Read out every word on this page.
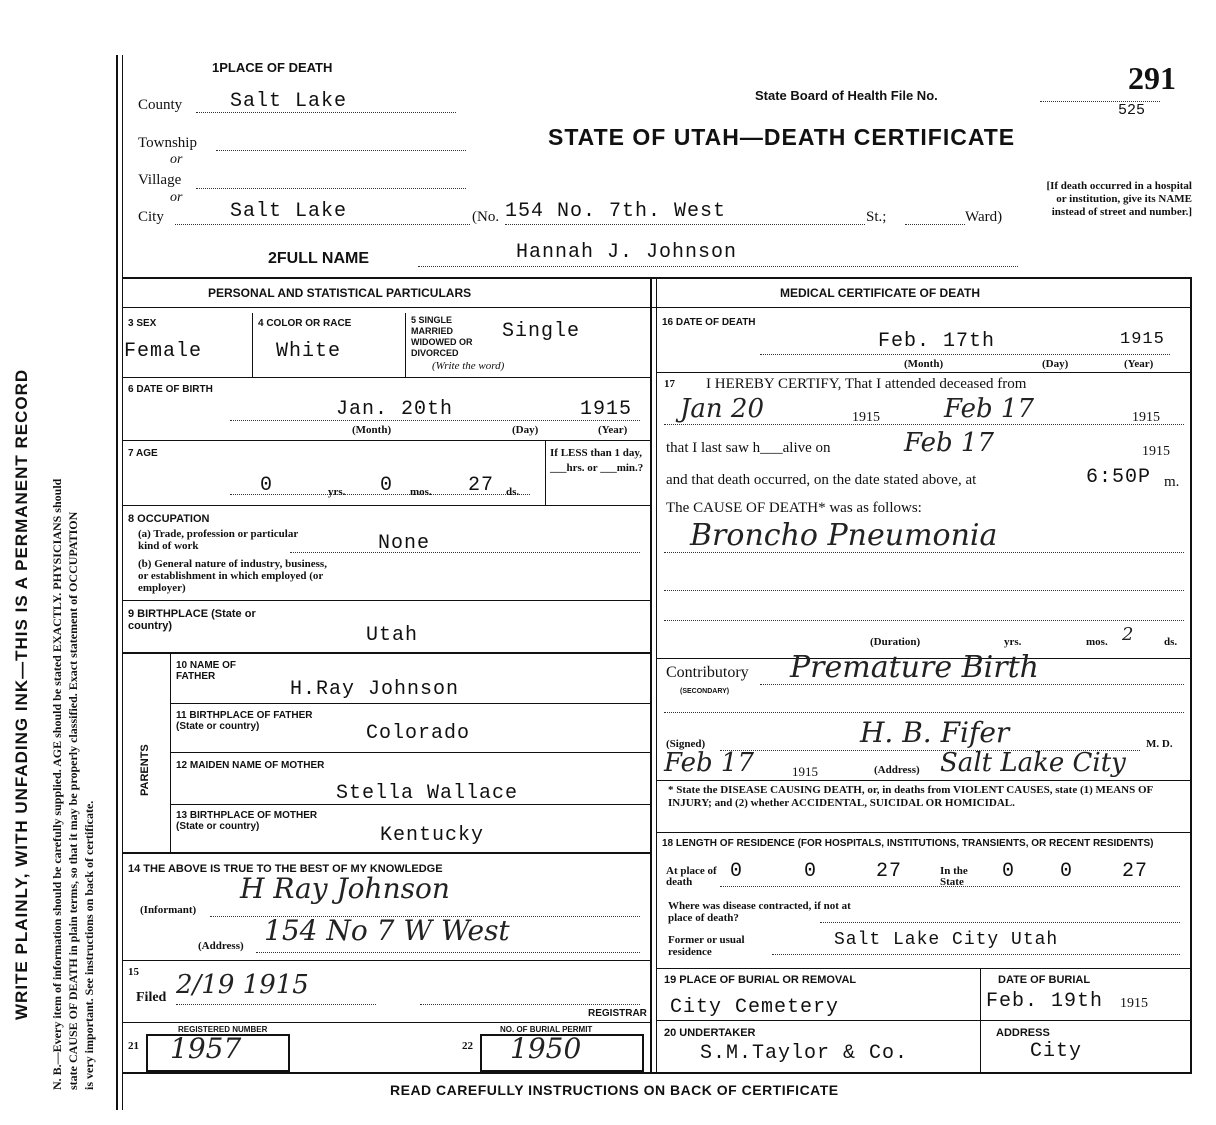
WRITE PLAINLY, WITH UNFADING INK—THIS IS A PERMANENT RECORD N. B.—Every item of information should be carefully supplied. AGE should be stated EXACTLY. PHYSICIANS should state CAUSE OF DEATH in plain terms, so that it may be properly classified. Exact statement of OCCUPATION is very important. See instructions on back of certificate.
291
525
1PLACE OF DEATH
County Salt Lake	State Board of Health File No.
Township
or
Village
or
STATE OF UTAH—DEATH CERTIFICATE
City	Salt Lake	(No. 154 No. 7th. West	St.;	Ward)
[If death occurred in a hospital or institution, give its NAME instead of street and number.]
2FULL NAME	Hannah J. Johnson
PERSONAL AND STATISTICAL PARTICULARS	MEDICAL CERTIFICATE OF DEATH
3 SEX
Female
4 COLOR OR RACE
White
5 SINGLE MARRIED WIDOWED OR DIVORCED
(Write the word)
Single
6 DATE OF BIRTH
Jan. 20th	1915
(Month)	(Day)	(Year)
7 AGE
0	yrs. 0 mos. 27 ds.
If LESS than 1 day, ___hrs. or ___min.?
8 OCCUPATION
(a) Trade, profession or particular kind of work	None
(b) General nature of industry, business, or establishment in which employed (or employer)
9 BIRTHPLACE (State or country)	Utah
PARENTS
10 NAME OF FATHER
H.Ray Johnson
11 BIRTHPLACE OF FATHER (State or country)	Colorado
12 MAIDEN NAME OF MOTHER
Stella Wallace
13 BIRTHPLACE OF MOTHER (State or country)	Kentucky
14 THE ABOVE IS TRUE TO THE BEST OF MY KNOWLEDGE
(Informant)
H Ray Johnson
(Address) 154 No 7 W West
15
Filed 2/19 1915
REGISTRAR
REGISTERED NUMBER
21 1957
NO. OF BURIAL PERMIT
22 1950
16 DATE OF DEATH
Feb. 17th	1915
(Month)	(Day)	(Year)
17 I HEREBY CERTIFY, That I attended deceased from
Jan 20	1915 Feb 17	1915
that I last saw h___alive on	Feb 17	1915
and that death occurred, on the date stated above, at	6:50P m.
The CAUSE OF DEATH* was as follows:
Broncho Pneumonia
(Duration)	yrs.	mos. 2	ds.
Contributory
(SECONDARY)
Premature Birth
(Signed)	H. B. Fifer	M. D.
Feb 17	1915	(Address) Salt Lake City
* State the DISEASE CAUSING DEATH, or, in deaths from VIOLENT CAUSES, state (1) MEANS OF INJURY; and (2) whether ACCIDENTAL, SUICIDAL OR HOMICIDAL.
18 LENGTH OF RESIDENCE (FOR HOSPITALS, INSTITUTIONS, TRANSIENTS, OR RECENT RESIDENTS)
At place of death	0	0	27	In the State	0 0 27
Where was disease contracted, if not at place of death?
Former or usual residence
Salt Lake City Utah
19 PLACE OF BURIAL OR REMOVAL
City Cemetery
DATE OF BURIAL
Feb. 19th 1915
20 UNDERTAKER
S.M.Taylor & Co.
ADDRESS
City
READ CAREFULLY INSTRUCTIONS ON BACK OF CERTIFICATE
